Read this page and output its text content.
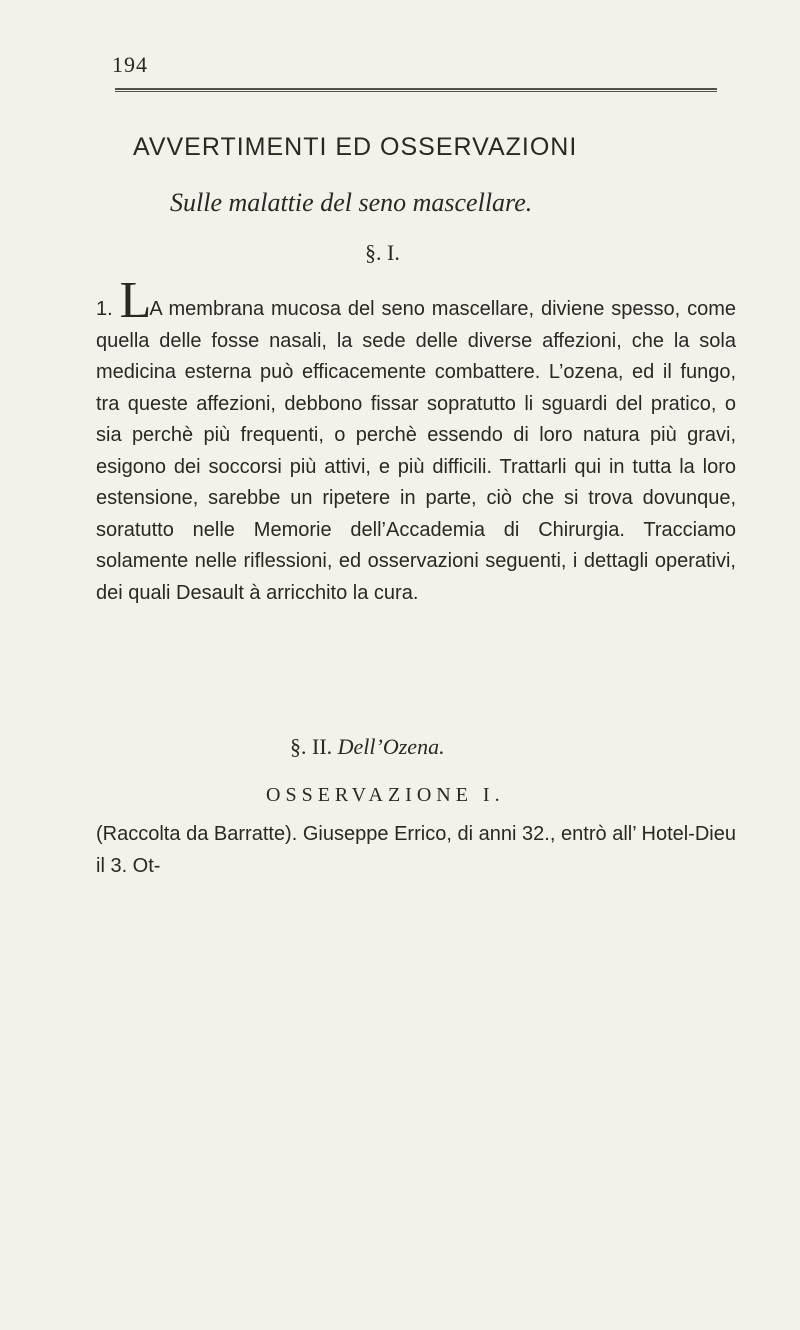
194
AVVERTIMENTI ED OSSERVAZIONI
Sulle malattie del seno mascellare.
§. I.
1. LA membrana mucosa del seno mascellare, diviene spesso, come quella delle fosse nasali, la sede delle diverse affezioni, che la sola medicina esterna può efficacemente combattere. L’ozena, ed il fungo, tra queste affezioni, debbono fissar sopratutto li sguardi del pratico, o sia perchè più frequenti, o perchè essendo di loro natura più gravi, esigono dei soccorsi più attivi, e più difficili. Trattarli qui in tutta la loro estensione, sarebbe un ripetere in parte, ciò che si trova dovunque, soratutto nelle Memorie dell’Accademia di Chirurgia. Tracciamo solamente nelle riflessioni, ed osservazioni seguenti, i dettagli operativi, dei quali Desault à arricchito la cura.
§. II. Dell’Ozena.
OSSERVAZIONE I.
(Raccolta da Barratte). Giuseppe Errico, di anni 32., entrò all’ Hotel-Dieu il 3. Ot-
